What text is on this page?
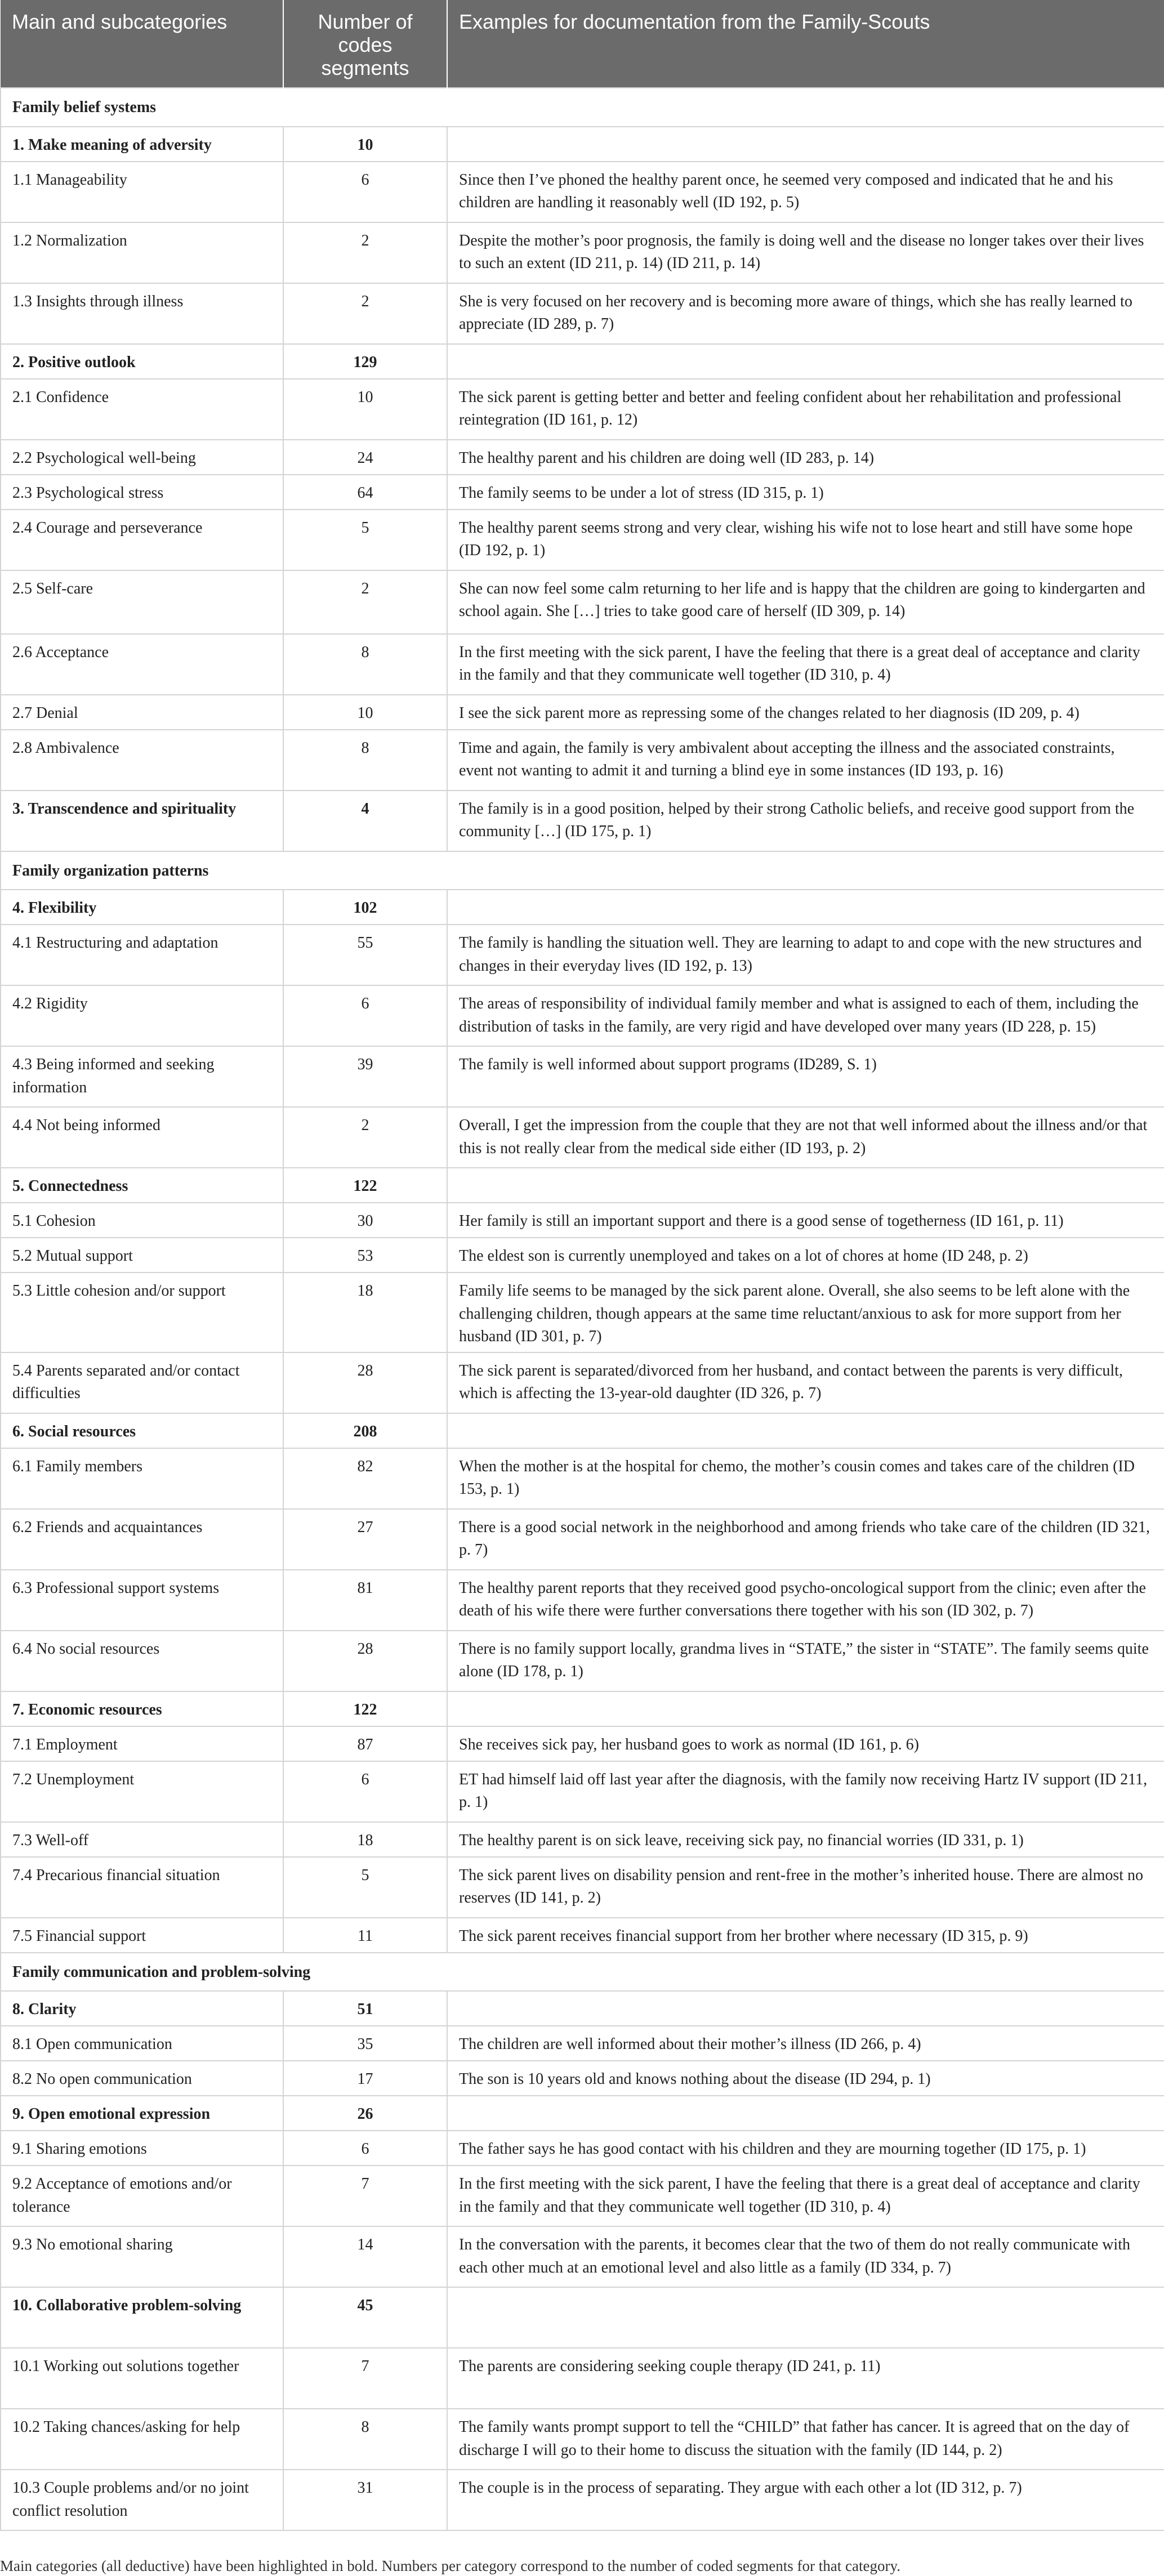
Main and subcategories	Number of codes segments	Examples for documentation from the Family-Scouts
Family belief systems		
1. Make meaning of adversity	10	
1.1 Manageability	6	Since then I’ve phoned the healthy parent once, he seemed very composed and indicated that he and his children are handling it reasonably well (ID 192, p. 5)
1.2 Normalization	2	Despite the mother’s poor prognosis, the family is doing well and the disease no longer takes over their lives to such an extent (ID 211, p. 14) (ID 211, p. 14)
1.3 Insights through illness	2	She is very focused on her recovery and is becoming more aware of things, which she has really learned to appreciate (ID 289, p. 7)
2. Positive outlook	129	
2.1 Confidence	10	The sick parent is getting better and better and feeling confident about her rehabilitation and professional reintegration (ID 161, p. 12)
2.2 Psychological well-being	24	The healthy parent and his children are doing well (ID 283, p. 14)
2.3 Psychological stress	64	The family seems to be under a lot of stress (ID 315, p. 1)
2.4 Courage and perseverance	5	The healthy parent seems strong and very clear, wishing his wife not to lose heart and still have some hope (ID 192, p. 1)
2.5 Self-care	2	She can now feel some calm returning to her life and is happy that the children are going to kindergarten and school again. She […] tries to take good care of herself (ID 309, p. 14)
2.6 Acceptance	8	In the first meeting with the sick parent, I have the feeling that there is a great deal of acceptance and clarity in the family and that they communicate well together (ID 310, p. 4)
2.7 Denial	10	I see the sick parent more as repressing some of the changes related to her diagnosis (ID 209, p. 4)
2.8 Ambivalence	8	Time and again, the family is very ambivalent about accepting the illness and the associated constraints, event not wanting to admit it and turning a blind eye in some instances (ID 193, p. 16)
3. Transcendence and spirituality	4	The family is in a good position, helped by their strong Catholic beliefs, and receive good support from the community […] (ID 175, p. 1)
Family organization patterns		
4. Flexibility	102	
4.1 Restructuring and adaptation	55	The family is handling the situation well. They are learning to adapt to and cope with the new structures and changes in their everyday lives (ID 192, p. 13)
4.2 Rigidity	6	The areas of responsibility of individual family member and what is assigned to each of them, including the distribution of tasks in the family, are very rigid and have developed over many years (ID 228, p. 15)
4.3 Being informed and seeking information	39	The family is well informed about support programs (ID289, S. 1)
4.4 Not being informed	2	Overall, I get the impression from the couple that they are not that well informed about the illness and/or that this is not really clear from the medical side either (ID 193, p. 2)
5. Connectedness	122	
5.1 Cohesion	30	Her family is still an important support and there is a good sense of togetherness (ID 161, p. 11)
5.2 Mutual support	53	The eldest son is currently unemployed and takes on a lot of chores at home (ID 248, p. 2)
5.3 Little cohesion and/or support	18	Family life seems to be managed by the sick parent alone. Overall, she also seems to be left alone with the challenging children, though appears at the same time reluctant/anxious to ask for more support from her husband (ID 301, p. 7)
5.4 Parents separated and/or contact difficulties	28	The sick parent is separated/divorced from her husband, and contact between the parents is very difficult, which is affecting the 13-year-old daughter (ID 326, p. 7)
6. Social resources	208	
6.1 Family members	82	When the mother is at the hospital for chemo, the mother’s cousin comes and takes care of the children (ID 153, p. 1)
6.2 Friends and acquaintances	27	There is a good social network in the neighborhood and among friends who take care of the children (ID 321, p. 7)
6.3 Professional support systems	81	The healthy parent reports that they received good psycho-oncological support from the clinic; even after the death of his wife there were further conversations there together with his son (ID 302, p. 7)
6.4 No social resources	28	There is no family support locally, grandma lives in “STATE,” the sister in “STATE”. The family seems quite alone (ID 178, p. 1)
7. Economic resources	122	
7.1 Employment	87	She receives sick pay, her husband goes to work as normal (ID 161, p. 6)
7.2 Unemployment	6	ET had himself laid off last year after the diagnosis, with the family now receiving Hartz IV support (ID 211, p. 1)
7.3 Well-off	18	The healthy parent is on sick leave, receiving sick pay, no financial worries (ID 331, p. 1)
7.4 Precarious financial situation	5	The sick parent lives on disability pension and rent-free in the mother’s inherited house. There are almost no reserves (ID 141, p. 2)
7.5 Financial support	11	The sick parent receives financial support from her brother where necessary (ID 315, p. 9)
Family communication and problem-solving		
8. Clarity	51	
8.1 Open communication	35	The children are well informed about their mother’s illness (ID 266, p. 4)
8.2 No open communication	17	The son is 10 years old and knows nothing about the disease (ID 294, p. 1)
9. Open emotional expression	26	
9.1 Sharing emotions	6	The father says he has good contact with his children and they are mourning together (ID 175, p. 1)
9.2 Acceptance of emotions and/or tolerance	7	In the first meeting with the sick parent, I have the feeling that there is a great deal of acceptance and clarity in the family and that they communicate well together (ID 310, p. 4)
9.3 No emotional sharing	14	In the conversation with the parents, it becomes clear that the two of them do not really communicate with each other much at an emotional level and also little as a family (ID 334, p. 7)
10. Collaborative problem-solving	45	
10.1 Working out solutions together	7	The parents are considering seeking couple therapy (ID 241, p. 11)
10.2 Taking chances/asking for help	8	The family wants prompt support to tell the “CHILD” that father has cancer. It is agreed that on the day of discharge I will go to their home to discuss the situation with the family (ID 144, p. 2)
10.3 Couple problems and/or no joint conflict resolution	31	The couple is in the process of separating. They argue with each other a lot (ID 312, p. 7)

Main categories (all deductive) have been highlighted in bold. Numbers per category correspond to the number of coded segments for that category.
